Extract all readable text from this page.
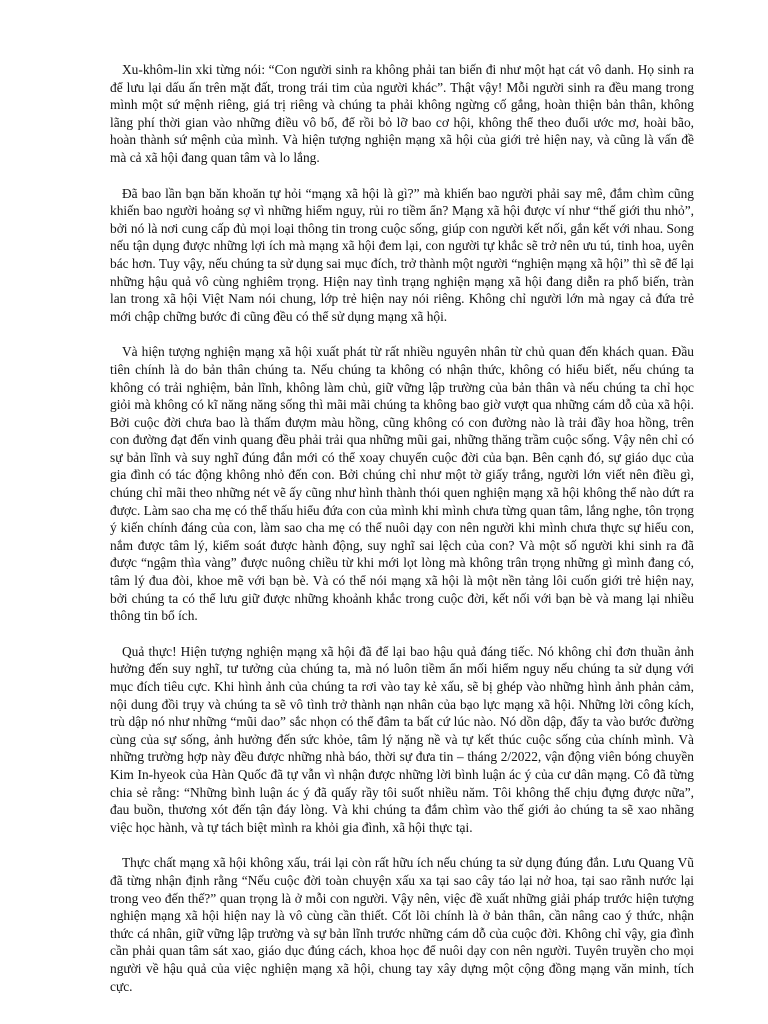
Xu-khôm-lin xki từng nói: “Con người sinh ra không phải tan biến đi như một hạt cát vô danh. Họ sinh ra để lưu lại dấu ấn trên mặt đất, trong trái tim của người khác”. Thật vậy! Mỗi người sinh ra đều mang trong mình một sứ mệnh riêng, giá trị riêng và chúng ta phải không ngừng cố gắng, hoàn thiện bản thân, không lãng phí thời gian vào những điều vô bổ, để rồi bỏ lỡ bao cơ hội, không thể theo đuổi ước mơ, hoài bão, hoàn thành sứ mệnh của mình. Và hiện tượng nghiện mạng xã hội của giới trẻ hiện nay, và cũng là vấn đề mà cả xã hội đang quan tâm và lo lắng.

Đã bao lần bạn băn khoăn tự hỏi “mạng xã hội là gì?” mà khiến bao người phải say mê, đắm chìm cũng khiến bao người hoảng sợ vì những hiểm nguy, rủi ro tiềm ẩn? Mạng xã hội được ví như “thế giới thu nhỏ”, bởi nó là nơi cung cấp đủ mọi loại thông tin trong cuộc sống, giúp con người kết nối, gắn kết với nhau. Song nếu tận dụng được những lợi ích mà mạng xã hội đem lại, con người tự khắc sẽ trở nên ưu tú, tinh hoa, uyên bác hơn. Tuy vậy, nếu chúng ta sử dụng sai mục đích, trở thành một người “nghiện mạng xã hội” thì sẽ để lại những hậu quả vô cùng nghiêm trọng. Hiện nay tình trạng nghiện mạng xã hội đang diễn ra phổ biến, tràn lan trong xã hội Việt Nam nói chung, lớp trẻ hiện nay nói riêng. Không chỉ người lớn mà ngay cả đứa trẻ mới chập chững bước đi cũng đều có thể sử dụng mạng xã hội.

Và hiện tượng nghiện mạng xã hội xuất phát từ rất nhiều nguyên nhân từ chủ quan đến khách quan. Đầu tiên chính là do bản thân chúng ta. Nếu chúng ta không có nhận thức, không có hiểu biết, nếu chúng ta không có trải nghiệm, bản lĩnh, không làm chủ, giữ vững lập trường của bản thân và nếu chúng ta chỉ học giỏi mà không có kĩ năng năng sống thì mãi mãi chúng ta không bao giờ vượt qua những cám dỗ của xã hội. Bởi cuộc đời chưa bao là thấm đượm màu hồng, cũng không có con đường nào là trải đầy hoa hồng, trên con đường đạt đến vinh quang đều phải trải qua những mũi gai, những thăng trầm cuộc sống. Vậy nên chỉ có sự bản lĩnh và suy nghĩ đúng đắn mới có thể xoay chuyển cuộc đời của bạn. Bên cạnh đó, sự giáo dục của gia đình có tác động không nhỏ đến con. Bởi chúng chỉ như một tờ giấy trắng, người lớn viết nên điều gì, chúng chỉ mãi theo những nét vẽ ấy cũng như hình thành thói quen nghiện mạng xã hội không thể nào dứt ra được. Làm sao cha mẹ có thể thấu hiểu đứa con của mình khi mình chưa từng quan tâm, lắng nghe, tôn trọng ý kiến chính đáng của con, làm sao cha mẹ có thể nuôi dạy con nên người khi mình chưa thực sự hiểu con, nắm được tâm lý, kiểm soát được hành động, suy nghĩ sai lệch của con? Và một số người khi sinh ra đã được “ngậm thìa vàng” được nuông chiều từ khi mới lọt lòng mà không trân trọng những gì mình đang có, tâm lý đua đòi, khoe mẽ với bạn bè. Và có thể nói mạng xã hội là một nền tảng lôi cuốn giới trẻ hiện nay, bởi chúng ta có thể lưu giữ được những khoảnh khắc trong cuộc đời, kết nối với bạn bè và mang lại nhiều thông tin bổ ích.

Quả thực! Hiện tượng nghiện mạng xã hội đã để lại bao hậu quả đáng tiếc. Nó không chỉ đơn thuần ảnh hưởng đến suy nghĩ, tư tưởng của chúng ta, mà nó luôn tiềm ẩn mối hiểm nguy nếu chúng ta sử dụng với mục đích tiêu cực. Khi hình ảnh của chúng ta rơi vào tay kẻ xấu, sẽ bị ghép vào những hình ảnh phản cảm, nội dung đồi trụy và chúng ta sẽ vô tình trở thành nạn nhân của bạo lực mạng xã hội. Những lời công kích, trù dập nó như những “mũi dao” sắc nhọn có thể đâm ta bất cứ lúc nào. Nó dồn dập, đẩy ta vào bước đường cùng của sự sống, ảnh hưởng đến sức khỏe, tâm lý nặng nề và tự kết thúc cuộc sống của chính mình. Và những trường hợp này đều được những nhà báo, thời sự đưa tin – tháng 2/2022, vận động viên bóng chuyền Kim In-hyeok của Hàn Quốc đã tự vẫn vì nhận được những lời bình luận ác ý của cư dân mạng. Cô đã từng chia sẻ rằng: “Những bình luận ác ý đã quấy rầy tôi suốt nhiều năm. Tôi không thể chịu đựng được nữa”, đau buồn, thương xót đến tận đáy lòng. Và khi chúng ta đắm chìm vào thế giới ảo chúng ta sẽ xao nhãng việc học hành, và tự tách biệt mình ra khỏi gia đình, xã hội thực tại.

Thực chất mạng xã hội không xấu, trái lại còn rất hữu ích nếu chúng ta sử dụng đúng đắn. Lưu Quang Vũ đã từng nhận định rằng “Nếu cuộc đời toàn chuyện xấu xa tại sao cây táo lại nở hoa, tại sao rãnh nước lại trong veo đến thế?” quan trọng là ở mỗi con người. Vậy nên, việc đề xuất những giải pháp trước hiện tượng nghiện mạng xã hội hiện nay là vô cùng cần thiết. Cốt lõi chính là ở bản thân, cần nâng cao ý thức, nhận thức cá nhân, giữ vững lập trường và sự bản lĩnh trước những cám dỗ của cuộc đời. Không chỉ vậy, gia đình cần phải quan tâm sát xao, giáo dục đúng cách, khoa học để nuôi dạy con nên người. Tuyên truyền cho mọi người về hậu quả của việc nghiện mạng xã hội, chung tay xây dựng một cộng đồng mạng văn minh, tích cực.
